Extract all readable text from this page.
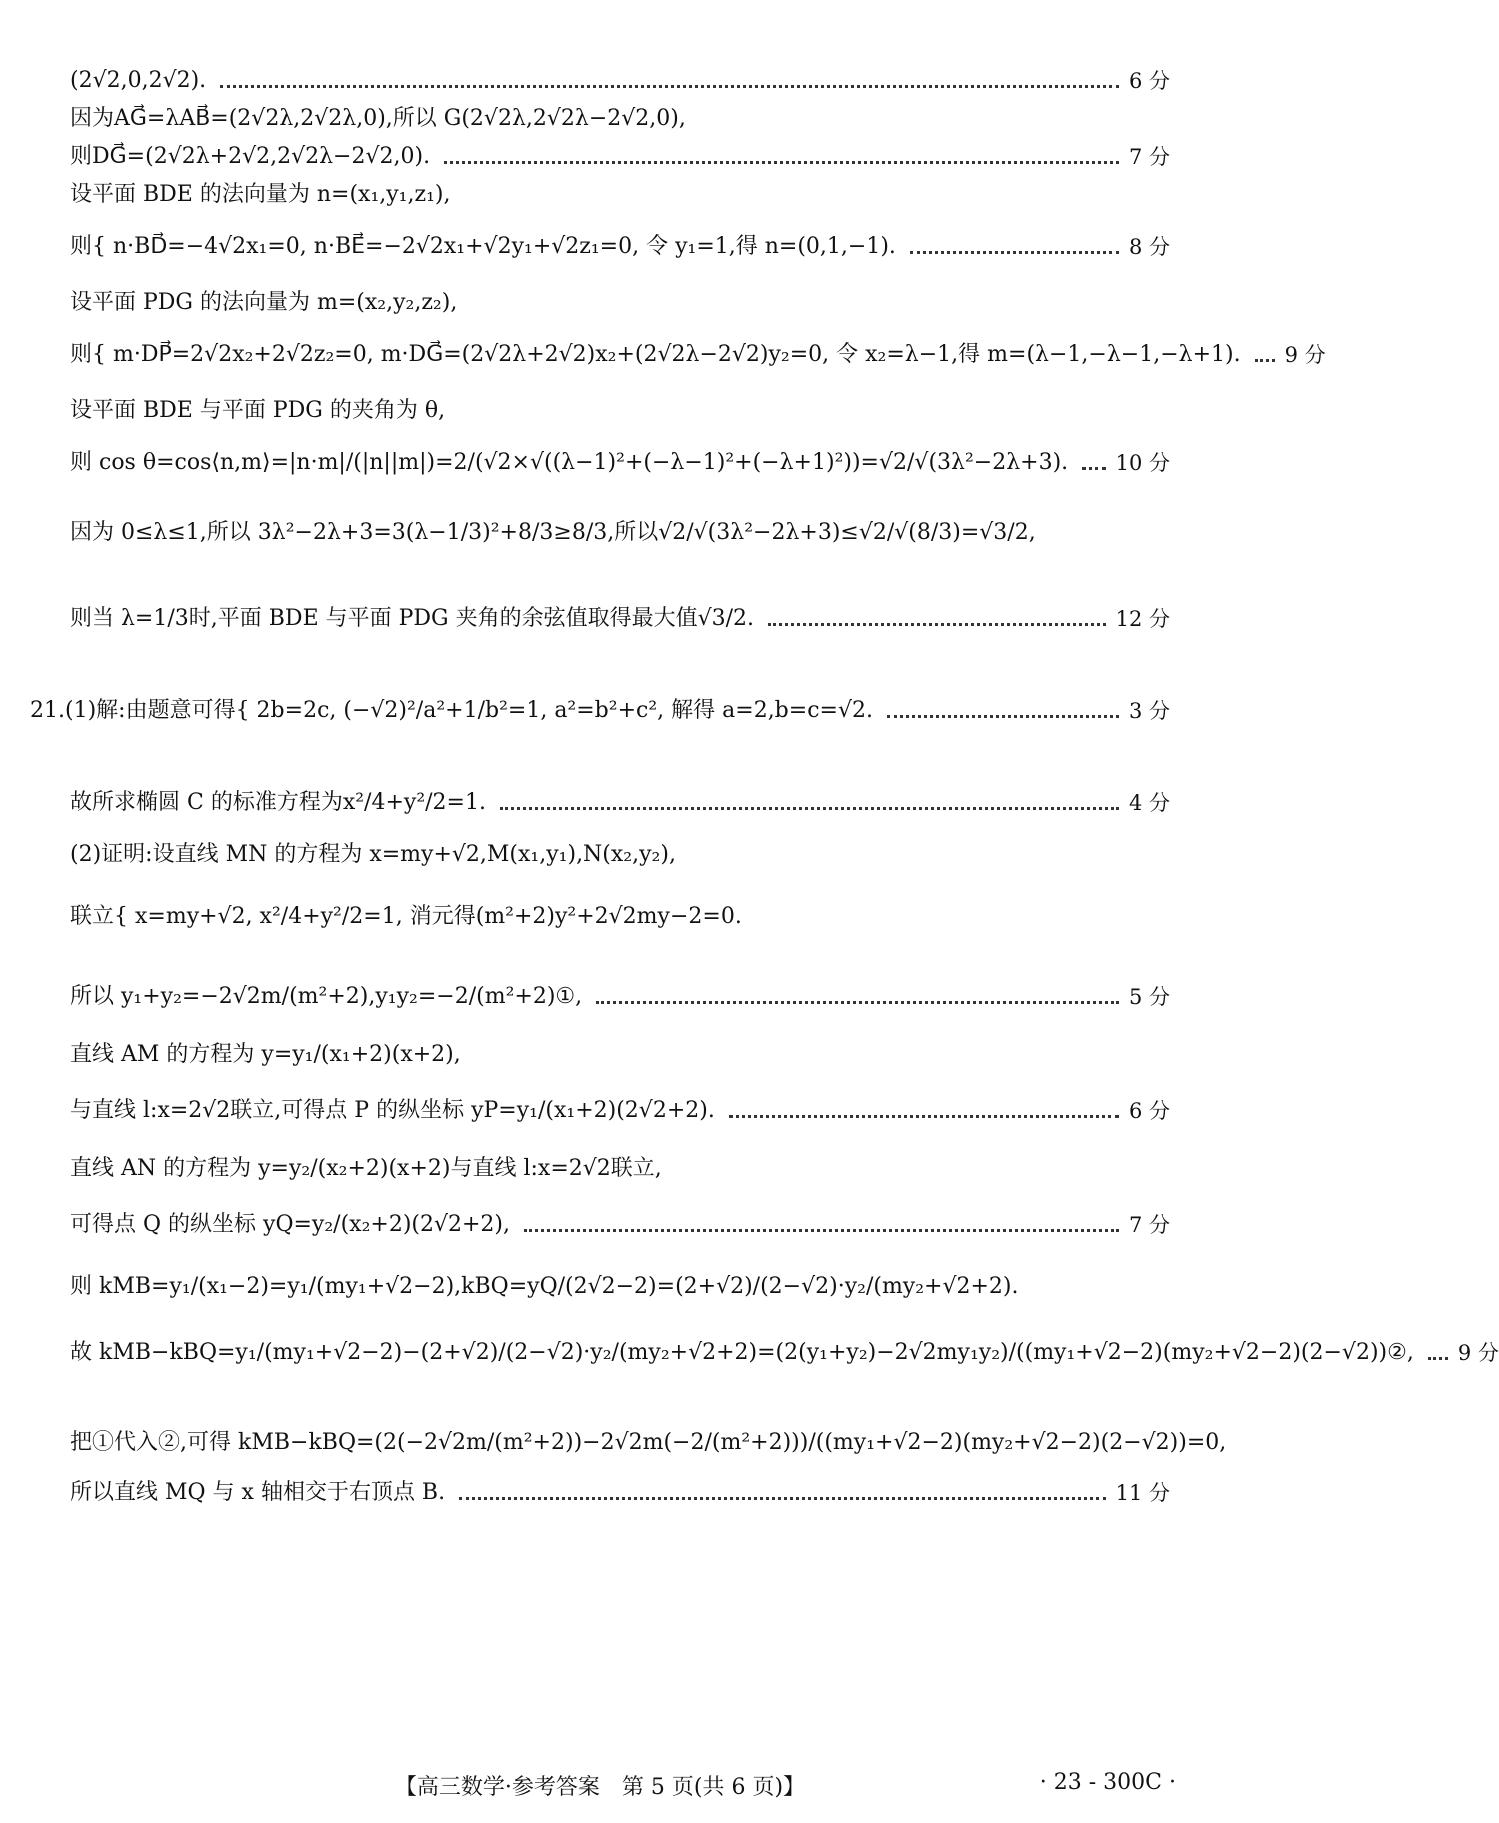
(2√2,0,2√2).	6 分
因为AG⃗=λAB⃗=(2√2λ,2√2λ,0),所以 G(2√2λ,2√2λ−2√2,0),
则DG⃗=(2√2λ+2√2,2√2λ−2√2,0).	7 分
设平面 BDE 的法向量为 n=(x₁,y₁,z₁),
则{ n·BD⃗=−4√2x₁=0, n·BE⃗=−2√2x₁+√2y₁+√2z₁=0, 令 y₁=1,得 n=(0,1,−1).	8 分
设平面 PDG 的法向量为 m=(x₂,y₂,z₂),
则{ m·DP⃗=2√2x₂+2√2z₂=0, m·DG⃗=(2√2λ+2√2)x₂+(2√2λ−2√2)y₂=0, 令 x₂=λ−1,得 m=(λ−1,−λ−1,−λ+1). 9 分
设平面 BDE 与平面 PDG 的夹角为 θ,
则 cos θ=cos⟨n,m⟩=|n·m|/(|n||m|)=2/(√2×√((λ−1)²+(−λ−1)²+(−λ+1)²))=√2/√(3λ²−2λ+3). 10 分
因为 0≤λ≤1,所以 3λ²−2λ+3=3(λ−1/3)²+8/3≥8/3,所以√2/√(3λ²−2λ+3)≤√2/√(8/3)=√3/2,
则当 λ=1/3时,平面 BDE 与平面 PDG 夹角的余弦值取得最大值√3/2.	12 分
21.(1)解:由题意可得{ 2b=2c, (−√2)²/a²+1/b²=1, a²=b²+c², 解得 a=2,b=c=√2.	3 分
故所求椭圆 C 的标准方程为x²/4+y²/2=1.	4 分
(2)证明:设直线 MN 的方程为 x=my+√2,M(x₁,y₁),N(x₂,y₂),
联立{ x=my+√2, x²/4+y²/2=1, 消元得(m²+2)y²+2√2my−2=0.
所以 y₁+y₂=−2√2m/(m²+2),y₁y₂=−2/(m²+2)①,	5 分
直线 AM 的方程为 y=y₁/(x₁+2)(x+2),
与直线 l:x=2√2联立,可得点 P 的纵坐标 yP=y₁/(x₁+2)(2√2+2).	6 分
直线 AN 的方程为 y=y₂/(x₂+2)(x+2)与直线 l:x=2√2联立,
可得点 Q 的纵坐标 yQ=y₂/(x₂+2)(2√2+2),	7 分
则 kMB=y₁/(x₁−2)=y₁/(my₁+√2−2),kBQ=yQ/(2√2−2)=(2+√2)/(2−√2)·y₂/(my₂+√2+2).
故 kMB−kBQ=y₁/(my₁+√2−2)−(2+√2)/(2−√2)·y₂/(my₂+√2+2)=(2(y₁+y₂)−2√2my₁y₂)/((my₁+√2−2)(my₂+√2−2)(2−√2))②, 9 分
把①代入②,可得 kMB−kBQ=(2(−2√2m/(m²+2))−2√2m(−2/(m²+2)))/((my₁+√2−2)(my₂+√2−2)(2−√2))=0,
所以直线 MQ 与 x 轴相交于右顶点 B.	11 分
【高三数学·参考答案　第 5 页(共 6 页)】	· 23 - 300C ·
